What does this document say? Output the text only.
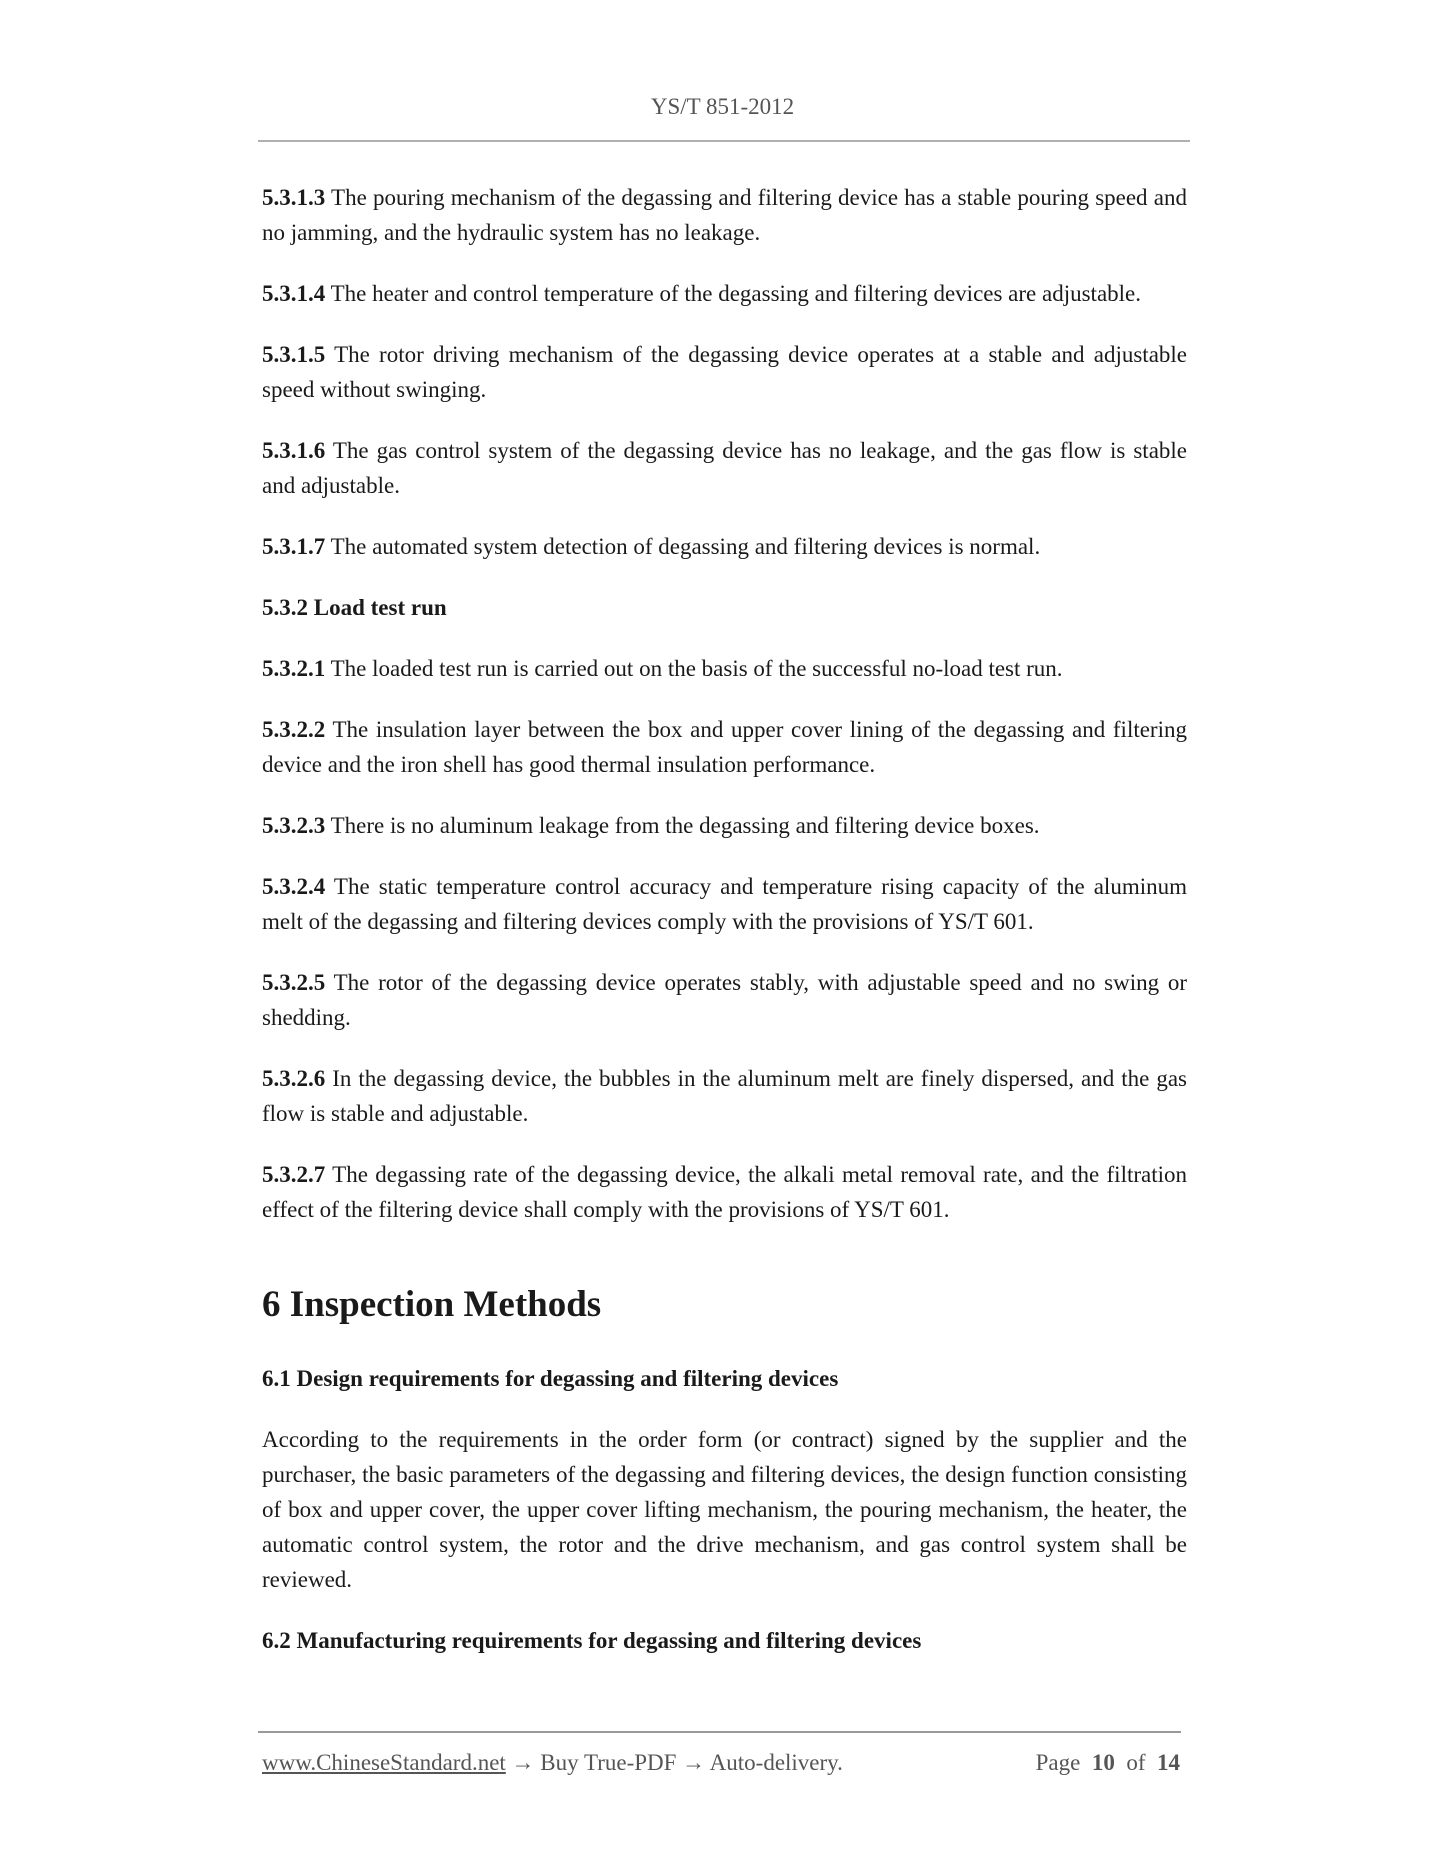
YS/T 851-2012

5.3.1.3 The pouring mechanism of the degassing and filtering device has a stable pouring speed and no jamming, and the hydraulic system has no leakage.

5.3.1.4 The heater and control temperature of the degassing and filtering devices are adjustable.

5.3.1.5 The rotor driving mechanism of the degassing device operates at a stable and adjustable speed without swinging.

5.3.1.6 The gas control system of the degassing device has no leakage, and the gas flow is stable and adjustable.

5.3.1.7 The automated system detection of degassing and filtering devices is normal.

5.3.2 Load test run

5.3.2.1 The loaded test run is carried out on the basis of the successful no-load test run.

5.3.2.2 The insulation layer between the box and upper cover lining of the degassing and filtering device and the iron shell has good thermal insulation performance.

5.3.2.3 There is no aluminum leakage from the degassing and filtering device boxes.

5.3.2.4 The static temperature control accuracy and temperature rising capacity of the aluminum melt of the degassing and filtering devices comply with the provisions of YS/T 601.

5.3.2.5 The rotor of the degassing device operates stably, with adjustable speed and no swing or shedding.

5.3.2.6 In the degassing device, the bubbles in the aluminum melt are finely dispersed, and the gas flow is stable and adjustable.

5.3.2.7 The degassing rate of the degassing device, the alkali metal removal rate, and the filtration effect of the filtering device shall comply with the provisions of YS/T 601.

6 Inspection Methods
6.1 Design requirements for degassing and filtering devices

According to the requirements in the order form (or contract) signed by the supplier and the purchaser, the basic parameters of the degassing and filtering devices, the design function consisting of box and upper cover, the upper cover lifting mechanism, the pouring mechanism, the heater, the automatic control system, the rotor and the drive mechanism, and gas control system shall be reviewed.

6.2 Manufacturing requirements for degassing and filtering devices
www.ChineseStandard.net → Buy True-PDF → Auto-delivery.	Page 10 of 14
